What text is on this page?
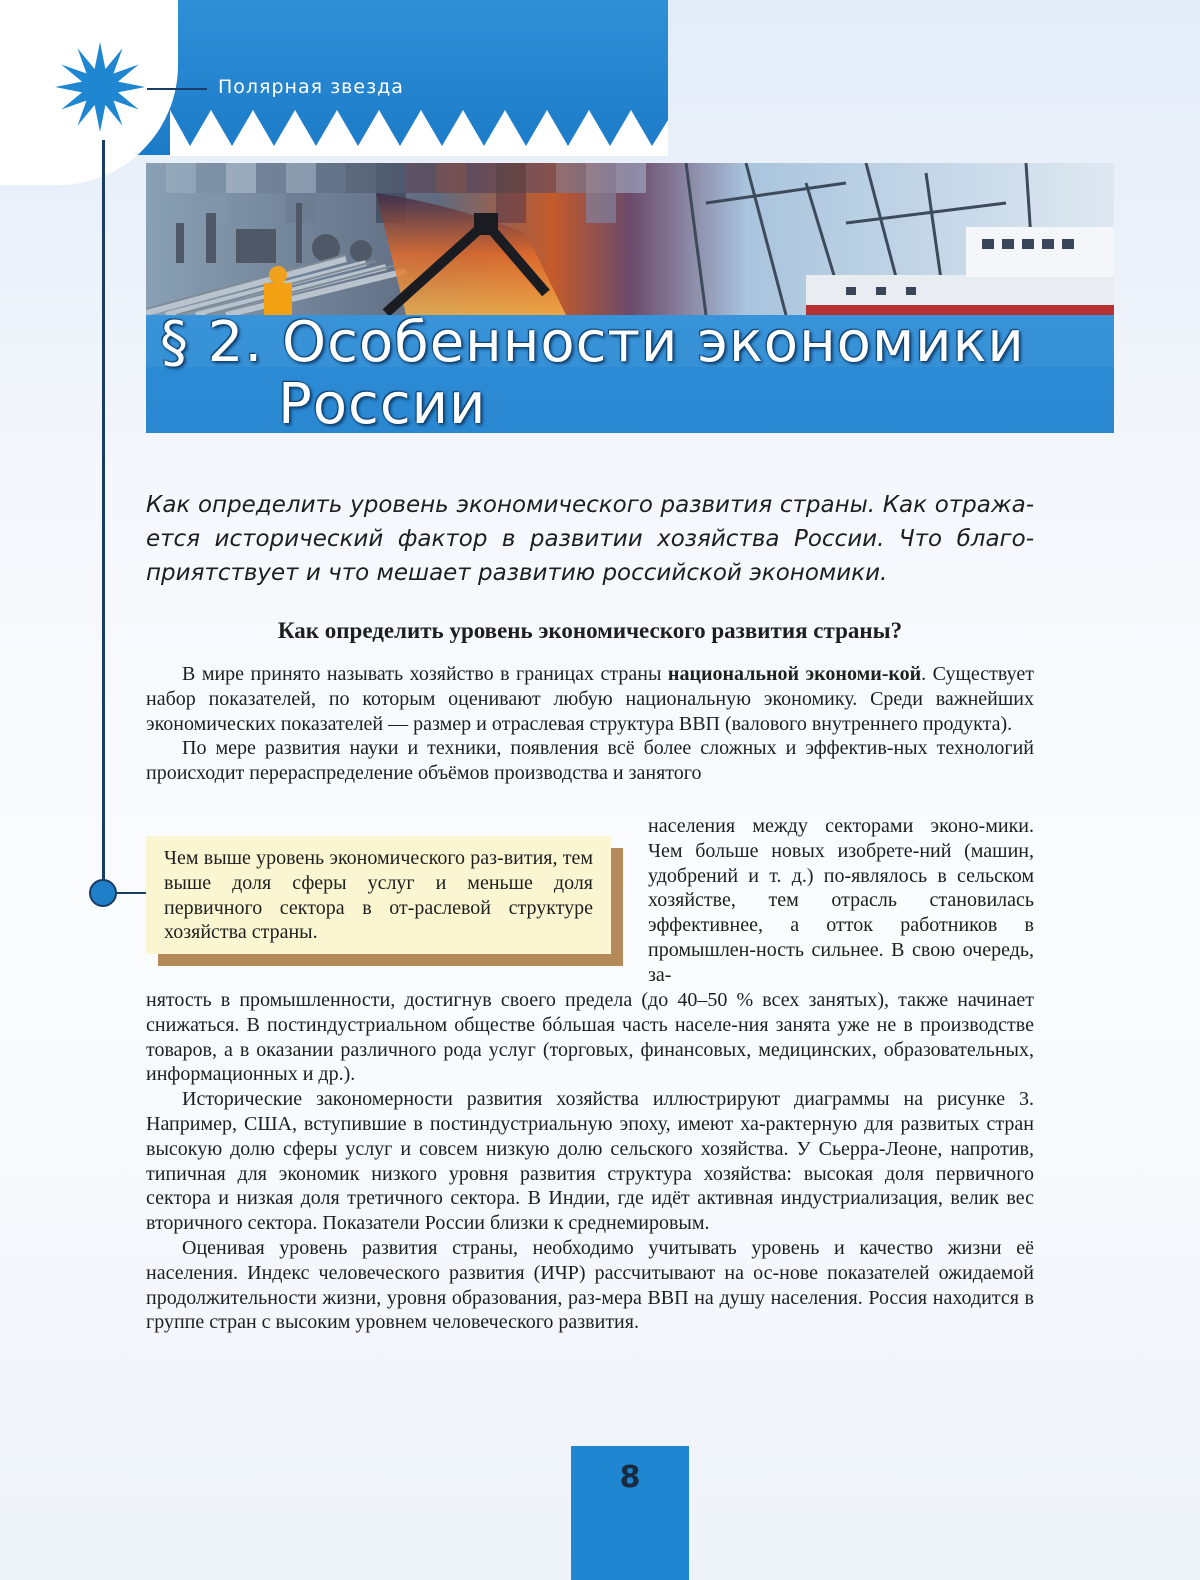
Полярная звезда
§ 2. Особенности экономики
России
Как определить уровень экономического развития страны. Как отража-ется исторический фактор в развитии хозяйства России. Что благо-приятствует и что мешает развитию российской экономики.
Как определить уровень экономического развития страны?

В мире принято называть хозяйство в границах страны национальной экономи-кой. Существует набор показателей, по которым оценивают любую национальную экономику. Среди важнейших экономических показателей — размер и отраслевая структура ВВП (валового внутреннего продукта).

По мере развития науки и техники, появления всё более сложных и эффектив-ных технологий происходит перераспределение объёмов производства и занятого

населения между секторами эконо-мики. Чем больше новых изобрете-ний (машин, удобрений и т. д.) по-являлось в сельском хозяйстве, тем отрасль становилась эффективнее, а отток работников в промышлен-ность сильнее. В свою очередь, за-
Чем выше уровень экономического раз-вития, тем выше доля сферы услуг и меньше доля первичного сектора в от-раслевой структуре хозяйства страны.

нятость в промышленности, достигнув своего предела (до 40–50 % всех занятых), также начинает снижаться. В постиндустриальном обществе бóльшая часть населе-ния занята уже не в производстве товаров, а в оказании различного рода услуг (торговых, финансовых, медицинских, образовательных, информационных и др.).

Исторические закономерности развития хозяйства иллюстрируют диаграммы на рисунке 3. Например, США, вступившие в постиндустриальную эпоху, имеют ха-рактерную для развитых стран высокую долю сферы услуг и совсем низкую долю сельского хозяйства. У Сьерра-Леоне, напротив, типичная для экономик низкого уровня развития структура хозяйства: высокая доля первичного сектора и низкая доля третичного сектора. В Индии, где идёт активная индустриализация, велик вес вторичного сектора. Показатели России близки к среднемировым.

Оценивая уровень развития страны, необходимо учитывать уровень и качество жизни её населения. Индекс человеческого развития (ИЧР) рассчитывают на ос-нове показателей ожидаемой продолжительности жизни, уровня образования, раз-мера ВВП на душу населения. Россия находится в группе стран с высоким уровнем человеческого развития.

8
